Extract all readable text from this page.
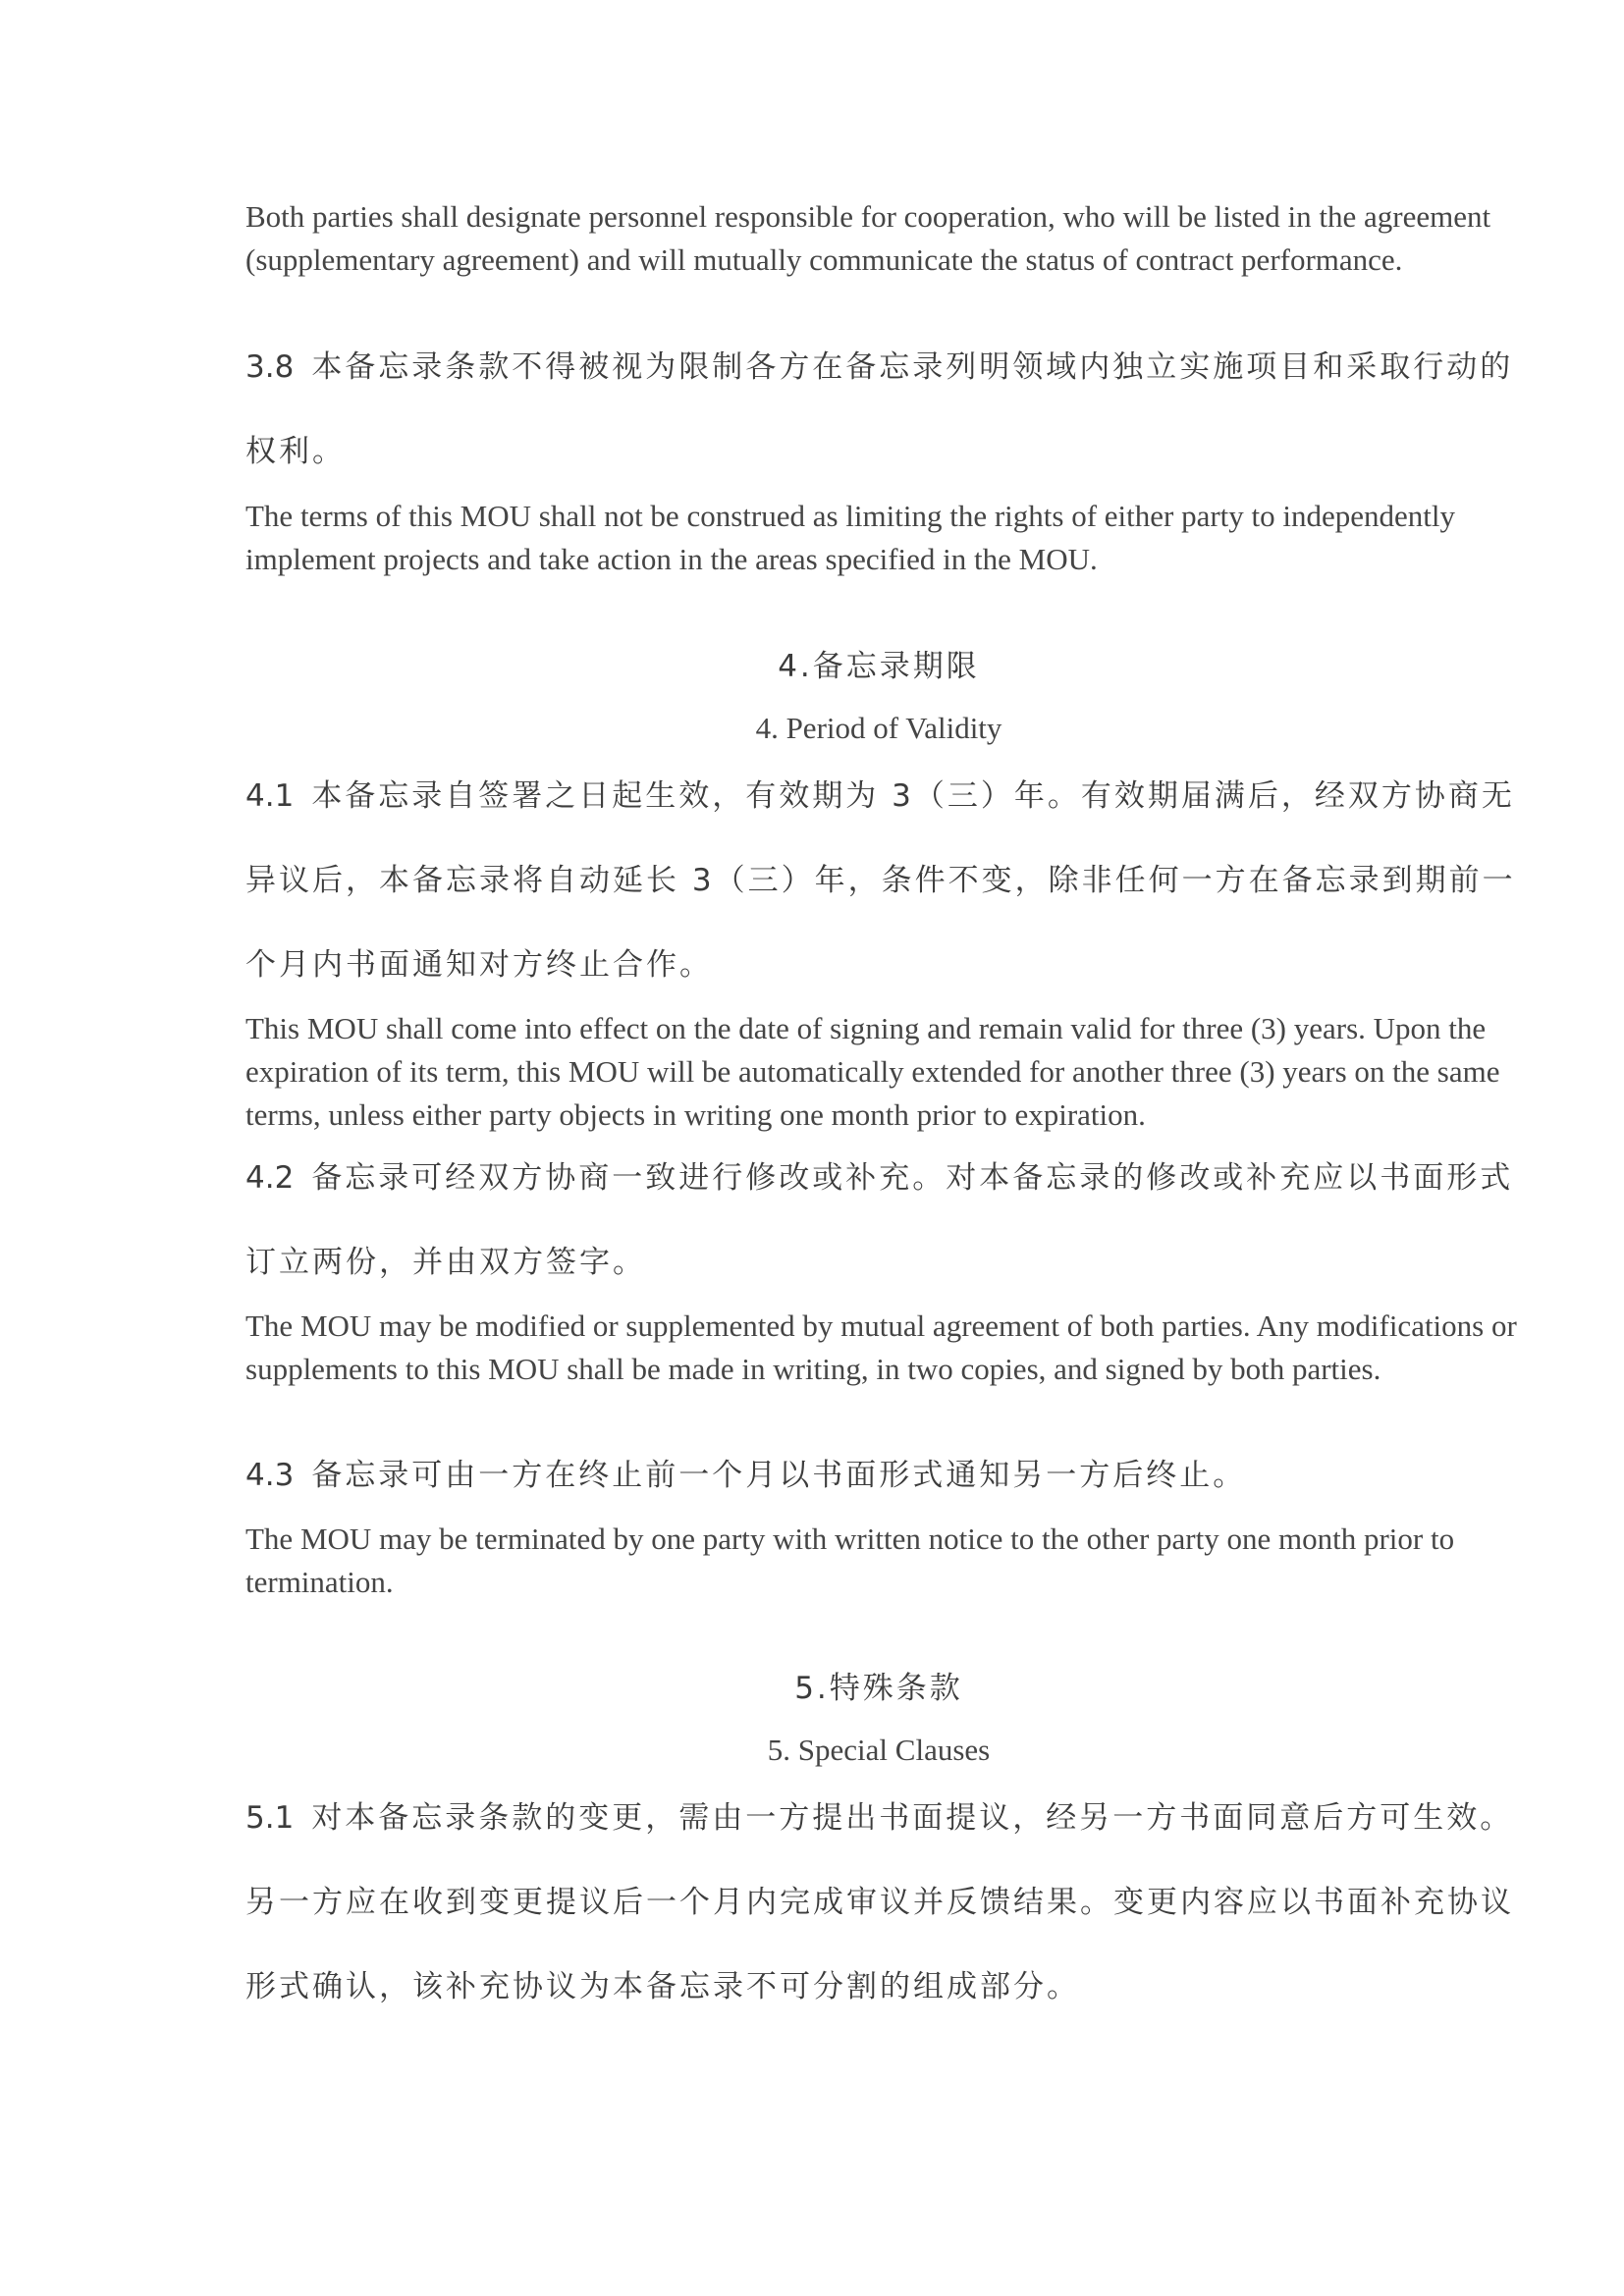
Both parties shall designate personnel responsible for cooperation, who will be listed in the agreement (supplementary agreement) and will mutually communicate the status of contract performance.

3.8 本备忘录条款不得被视为限制各方在备忘录列明领域内独立实施项目和采取行动的权利。

The terms of this MOU shall not be construed as limiting the rights of either party to independently implement projects and take action in the areas specified in the MOU.

4.备忘录期限
4. Period of Validity

4.1 本备忘录自签署之日起生效，有效期为 3（三）年。有效期届满后，经双方协商无异议后，本备忘录将自动延长 3（三）年，条件不变，除非任何一方在备忘录到期前一个月内书面通知对方终止合作。

This MOU shall come into effect on the date of signing and remain valid for three (3) years. Upon the expiration of its term, this MOU will be automatically extended for another three (3) years on the same terms, unless either party objects in writing one month prior to expiration.

4.2 备忘录可经双方协商一致进行修改或补充。对本备忘录的修改或补充应以书面形式订立两份，并由双方签字。

The MOU may be modified or supplemented by mutual agreement of both parties. Any modifications or supplements to this MOU shall be made in writing, in two copies, and signed by both parties.

4.3 备忘录可由一方在终止前一个月以书面形式通知另一方后终止。

The MOU may be terminated by one party with written notice to the other party one month prior to termination.

5.特殊条款
5. Special Clauses

5.1 对本备忘录条款的变更，需由一方提出书面提议，经另一方书面同意后方可生效。另一方应在收到变更提议后一个月内完成审议并反馈结果。变更内容应以书面补充协议形式确认，该补充协议为本备忘录不可分割的组成部分。
